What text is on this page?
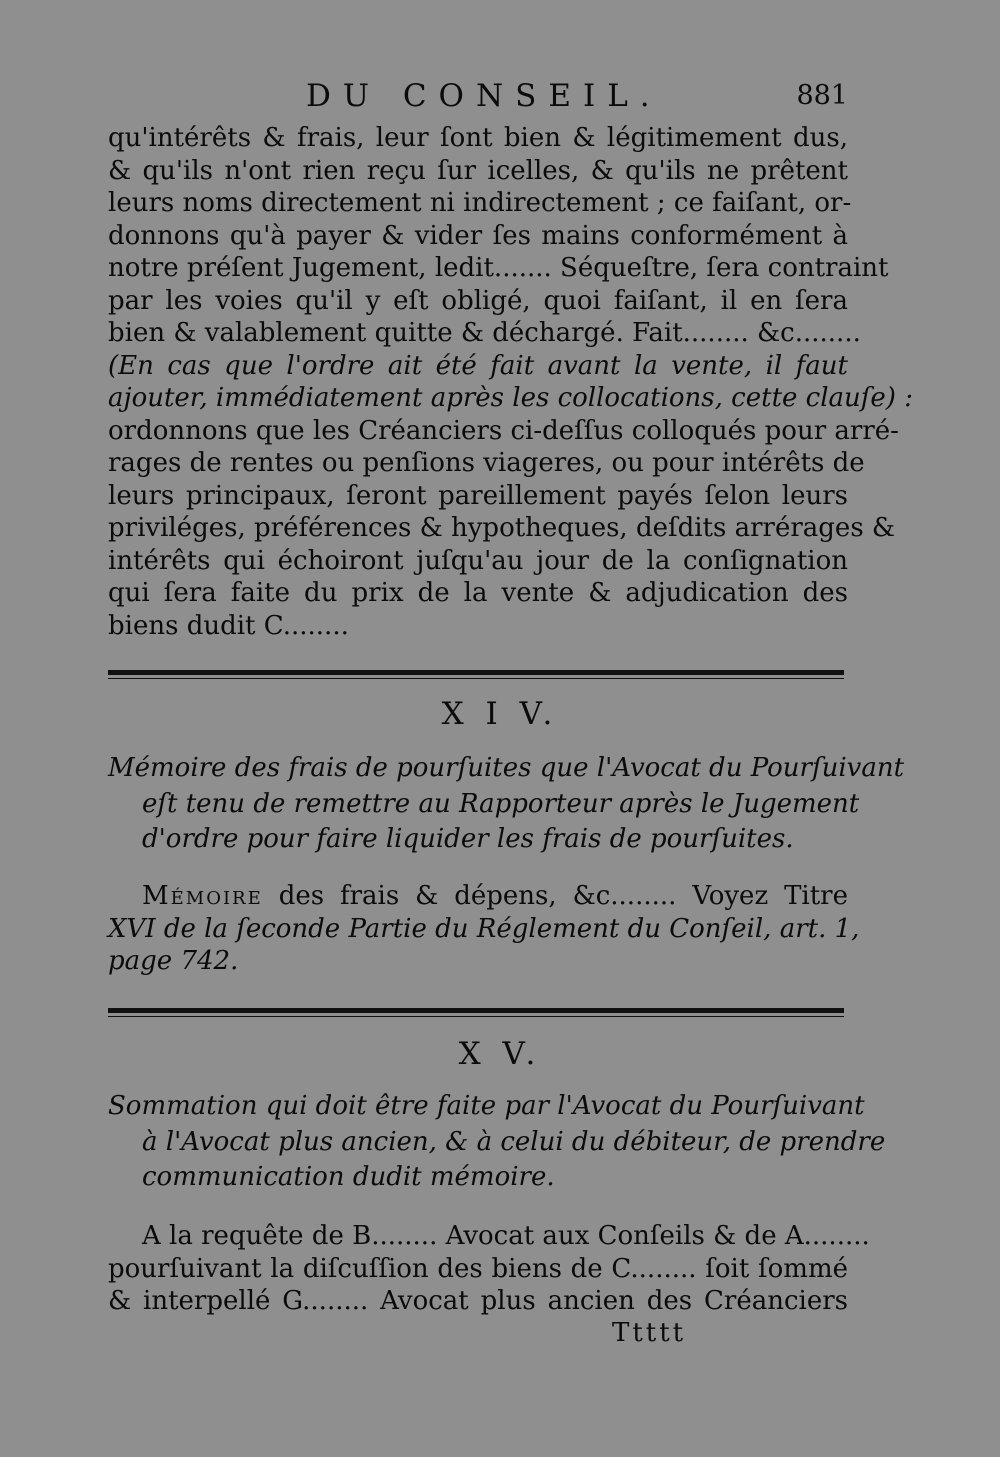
DU CONSEIL.	881
qu'intérêts & frais, leur ſont bien & légitimement dus,
& qu'ils n'ont rien reçu ſur icelles, & qu'ils ne prêtent
leurs noms directement ni indirectement ; ce faiſant, or-
donnons qu'à payer & vider ſes mains conformément à
notre préſent Jugement, ledit....... Séqueſtre, ſera contraint
par les voies qu'il y eſt obligé, quoi faiſant, il en ſera
bien & valablement quitte & déchargé. Fait........ &c........
(En cas que l'ordre ait été fait avant la vente, il faut
ajouter, immédiatement après les collocations, cette clauſe) :
ordonnons que les Créanciers ci-deſſus colloqués pour arré-
rages de rentes ou penſions viageres, ou pour intérêts de
leurs principaux, ſeront pareillement payés ſelon leurs
priviléges, préférences & hypotheques, deſdits arrérages &
intérêts qui échoiront juſqu'au jour de la conſignation
qui ſera faite du prix de la vente & adjudication des
biens dudit C........
X I V.
Mémoire des frais de pourſuites que l'Avocat du Pourſuivant
eſt tenu de remettre au Rapporteur après le Jugement
d'ordre pour faire liquider les frais de pourſuites.
Mémoire des frais & dépens, &c........ Voyez Titre
XVI de la ſeconde Partie du Réglement du Conſeil, art. 1,
page 742.
X V.
Sommation qui doit être faite par l'Avocat du Pourſuivant
à l'Avocat plus ancien, & à celui du débiteur, de prendre
communication dudit mémoire.
A la requête de B........ Avocat aux Conſeils & de A........
pourſuivant la diſcuſſion des biens de C........ ſoit ſommé
& interpellé G........ Avocat plus ancien des Créanciers
Ttttt
